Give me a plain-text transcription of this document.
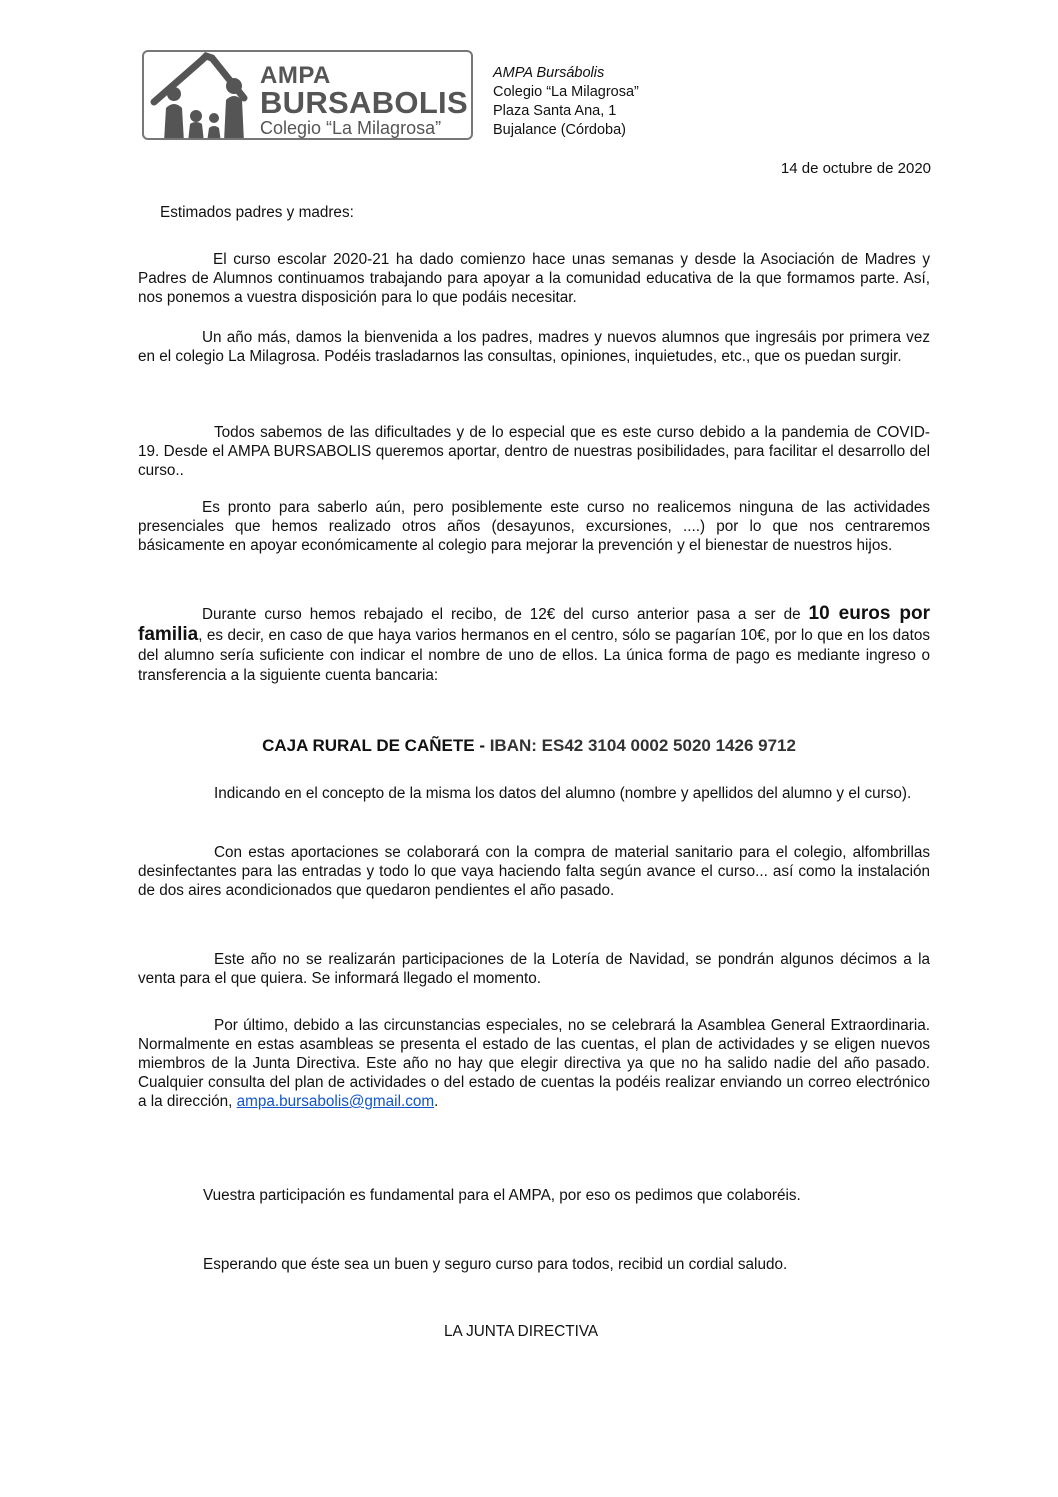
AMPA
BURSABOLIS
Colegio “La Milagrosa”
AMPA Bursábolis
Colegio “La Milagrosa”
Plaza Santa Ana, 1
Bujalance (Córdoba)
14 de octubre de 2020
Estimados padres y madres:

El curso escolar 2020-21 ha dado comienzo hace unas semanas y desde la Asociación de Madres y Padres de Alumnos continuamos trabajando para apoyar a la comunidad educativa de la que formamos parte. Así, nos ponemos a vuestra disposición para lo que podáis necesitar.

Un año más, damos la bienvenida a los padres, madres y nuevos alumnos que ingresáis por primera vez en el colegio La Milagrosa. Podéis trasladarnos las consultas, opiniones, inquietudes, etc., que os puedan surgir.

Todos sabemos de las dificultades y de lo especial que es este curso debido a la pandemia de COVID-19. Desde el AMPA BURSABOLIS queremos aportar, dentro de nuestras posibilidades, para facilitar el desarrollo del curso..

Es pronto para saberlo aún, pero posiblemente este curso no realicemos ninguna de las actividades presenciales que hemos realizado otros años (desayunos, excursiones, ....) por lo que nos centraremos básicamente en apoyar económicamente al colegio para mejorar la prevención y el bienestar de nuestros hijos.

Durante curso hemos rebajado el recibo, de 12€ del curso anterior pasa a ser de 10 euros por familia, es decir, en caso de que haya varios hermanos en el centro, sólo se pagarían 10€, por lo que en los datos del alumno sería suficiente con indicar el nombre de uno de ellos. La única forma de pago es mediante ingreso o transferencia a la siguiente cuenta bancaria:

CAJA RURAL DE CAÑETE - IBAN: ES42 3104 0002 5020 1426 9712

Indicando en el concepto de la misma los datos del alumno (nombre y apellidos del alumno y el curso).

Con estas aportaciones se colaborará con la compra de material sanitario para el colegio, alfombrillas desinfectantes para las entradas y todo lo que vaya haciendo falta según avance el curso... así como la instalación de dos aires acondicionados que quedaron pendientes el año pasado.

Este año no se realizarán participaciones de la Lotería de Navidad, se pondrán algunos décimos a la venta para el que quiera. Se informará llegado el momento.

Por último, debido a las circunstancias especiales, no se celebrará la Asamblea General Extraordinaria. Normalmente en estas asambleas se presenta el estado de las cuentas, el plan de actividades y se eligen nuevos miembros de la Junta Directiva. Este año no hay que elegir directiva ya que no ha salido nadie del año pasado. Cualquier consulta del plan de actividades o del estado de cuentas la podéis realizar enviando un correo electrónico a la dirección, ampa.bursabolis@gmail.com.

Vuestra participación es fundamental para el AMPA, por eso os pedimos que colaboréis.
Esperando que éste sea un buen y seguro curso para todos, recibid un cordial saludo.
LA JUNTA DIRECTIVA
